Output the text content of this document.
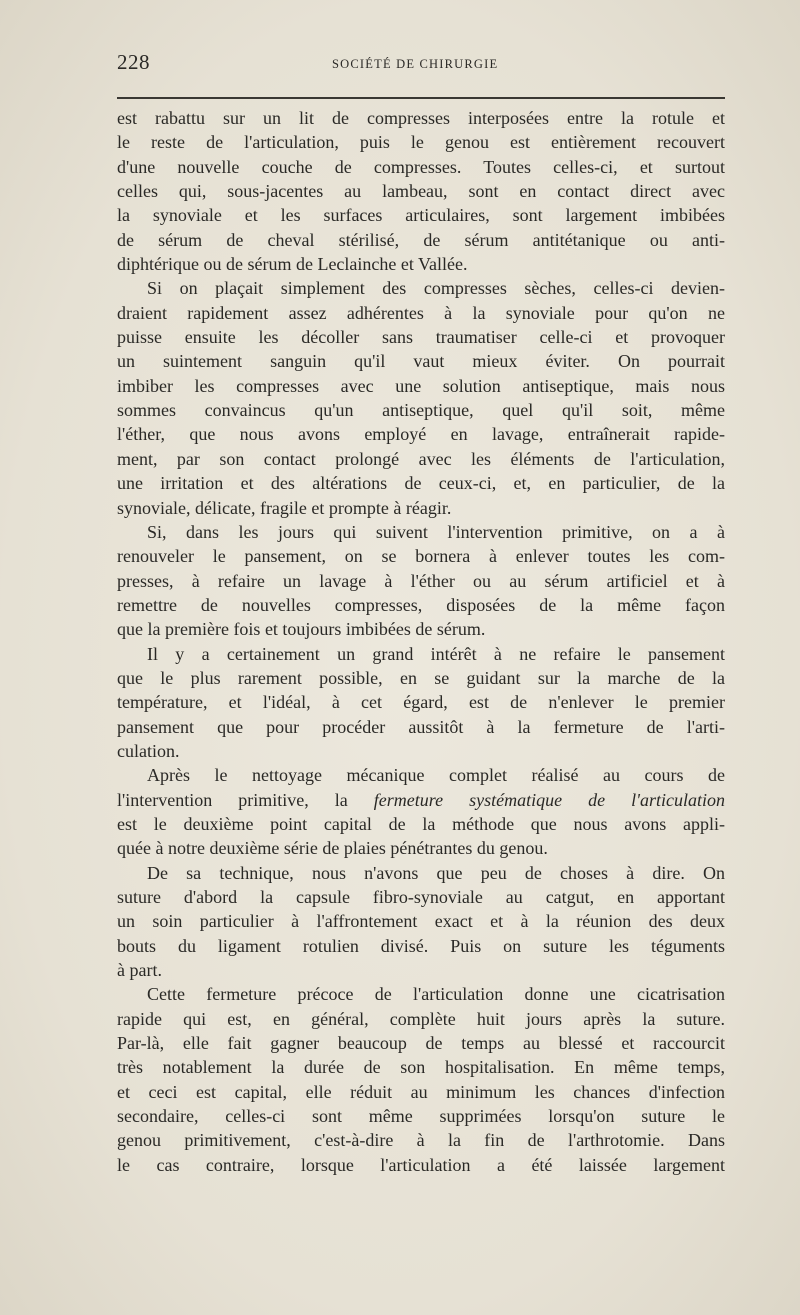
228	SOCIÉTÉ DE CHIRURGIE
est rabattu sur un lit de compresses interposées entre la rotule et
le reste de l'articulation, puis le genou est entièrement recouvert
d'une nouvelle couche de compresses. Toutes celles-ci, et surtout
celles qui, sous-jacentes au lambeau, sont en contact direct avec
la synoviale et les surfaces articulaires, sont largement imbibées
de sérum de cheval stérilisé, de sérum antitétanique ou anti-
diphtérique ou de sérum de Leclainche et Vallée.
Si on plaçait simplement des compresses sèches, celles-ci devien-
draient rapidement assez adhérentes à la synoviale pour qu'on ne
puisse ensuite les décoller sans traumatiser celle-ci et provoquer
un suintement sanguin qu'il vaut mieux éviter. On pourrait
imbiber les compresses avec une solution antiseptique, mais nous
sommes convaincus qu'un antiseptique, quel qu'il soit, même
l'éther, que nous avons employé en lavage, entraînerait rapide-
ment, par son contact prolongé avec les éléments de l'articulation,
une irritation et des altérations de ceux-ci, et, en particulier, de la
synoviale, délicate, fragile et prompte à réagir.
Si, dans les jours qui suivent l'intervention primitive, on a à
renouveler le pansement, on se bornera à enlever toutes les com-
presses, à refaire un lavage à l'éther ou au sérum artificiel et à
remettre de nouvelles compresses, disposées de la même façon
que la première fois et toujours imbibées de sérum.
Il y a certainement un grand intérêt à ne refaire le pansement
que le plus rarement possible, en se guidant sur la marche de la
température, et l'idéal, à cet égard, est de n'enlever le premier
pansement que pour procéder aussitôt à la fermeture de l'arti-
culation.
Après le nettoyage mécanique complet réalisé au cours de
l'intervention primitive, la fermeture systématique de l'articulation
est le deuxième point capital de la méthode que nous avons appli-
quée à notre deuxième série de plaies pénétrantes du genou.
De sa technique, nous n'avons que peu de choses à dire. On
suture d'abord la capsule fibro-synoviale au catgut, en apportant
un soin particulier à l'affrontement exact et à la réunion des deux
bouts du ligament rotulien divisé. Puis on suture les téguments
à part.
Cette fermeture précoce de l'articulation donne une cicatrisation
rapide qui est, en général, complète huit jours après la suture.
Par-là, elle fait gagner beaucoup de temps au blessé et raccourcit
très notablement la durée de son hospitalisation. En même temps,
et ceci est capital, elle réduit au minimum les chances d'infection
secondaire, celles-ci sont même supprimées lorsqu'on suture le
genou primitivement, c'est-à-dire à la fin de l'arthrotomie. Dans
le cas contraire, lorsque l'articulation a été laissée largement
